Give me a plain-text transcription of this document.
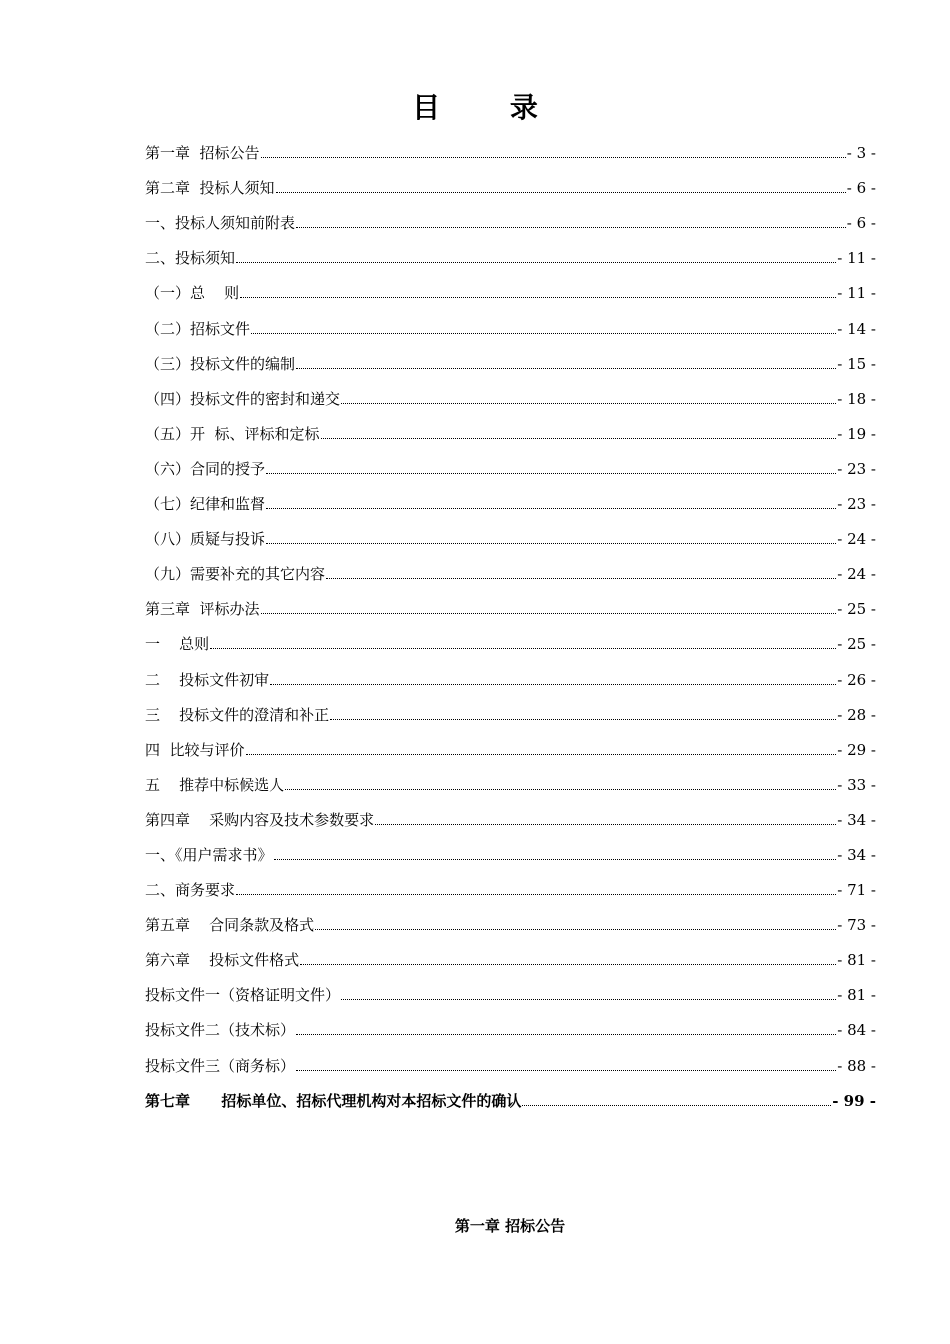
目 录
第一章  招标公告	- 3 -
第二章  投标人须知	- 6 -
一、投标人须知前附表	- 6 -
二、投标须知	- 11 -
（一）总    则	- 11 -
（二）招标文件	- 14 -
（三）投标文件的编制	- 15 -
（四）投标文件的密封和递交	- 18 -
（五）开  标、评标和定标	- 19 -
（六）合同的授予	- 23 -
（七）纪律和监督	- 23 -
（八）质疑与投诉	- 24 -
（九）需要补充的其它内容	- 24 -
第三章  评标办法	- 25 -
一    总则	- 25 -
二    投标文件初审	- 26 -
三    投标文件的澄清和补正	- 28 -
四  比较与评价	- 29 -
五    推荐中标候选人	- 33 -
第四章    采购内容及技术参数要求	- 34 -
一、《用户需求书》	- 34 -
二、商务要求	- 71 -
第五章    合同条款及格式	- 73 -
第六章    投标文件格式	- 81 -
投标文件一（资格证明文件）	- 81 -
投标文件二（技术标）	- 84 -
投标文件三（商务标）	- 88 -
第七章      招标单位、招标代理机构对本招标文件的确认	- 99 -
第一章 招标公告
